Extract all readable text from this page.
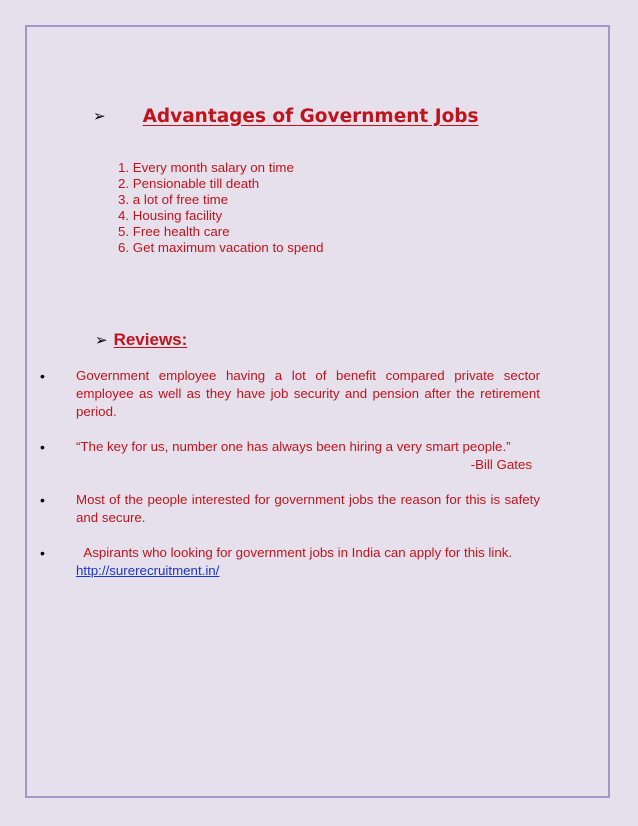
➢ Advantages of Government Jobs
1. Every month salary on time
2. Pensionable till death
3. a lot of free time
4. Housing facility
5. Free health care
6. Get maximum vacation to spend
➢ Reviews:
•	Government employee having a lot of benefit compared private sector employee as well as they have job security and pension after the retirement period.
•	“The key for us, number one has always been hiring a very smart people.”
-Bill Gates
•	Most of the people interested for government jobs the reason for this is safety and secure.
•	Aspirants who looking for government jobs in India can apply for this link. http://surerecruitment.in/
